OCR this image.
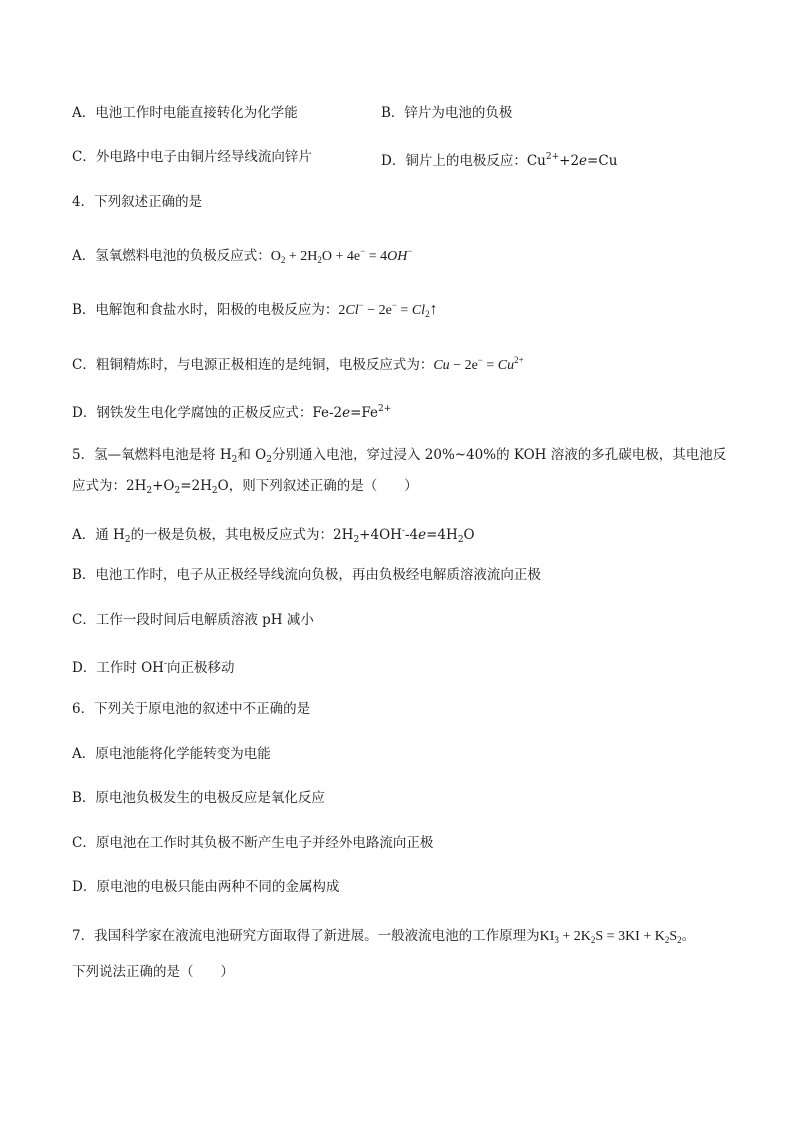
A．电池工作时电能直接转化为化学能	B．锌片为电池的负极
C．外电路中电子由铜片经导线流向锌片	D．铜片上的电极反应：$Cu^{2+}+2e=Cu$
4．下列叙述正确的是
A．氢氧燃料电池的负极反应式：$O_2 + 2H_2O + 4e^- = 4OH^-$
B．电解饱和食盐水时，阳极的电极反应为：$2Cl^- - 2e^- = Cl_2↑$
C．粗铜精炼时，与电源正极相连的是纯铜，电极反应式为：$Cu - 2e^- = Cu^{2+}$
D．钢铁发生电化学腐蚀的正极反应式：$Fe-2e=Fe^{2+}$
5．氢—氧燃料电池是将 $H_2$和 $O_2$分别通入电池，穿过浸入 20%~40%的 KOH 溶液的多孔碳电极，其电池反
应式为：$2H_2+O_2=2H_2O$，则下列叙述正确的是（　　）
A．通 $H_2$的一极是负极，其电极反应式为：$2H_2+4OH^--4e=4H_2O$
B．电池工作时，电子从正极经导线流向负极，再由负极经电解质溶液流向正极
C．工作一段时间后电解质溶液 pH 减小
D．工作时 OH-向正极移动
6．下列关于原电池的叙述中不正确的是
A．原电池能将化学能转变为电能
B．原电池负极发生的电极反应是氧化反应
C．原电池在工作时其负极不断产生电子并经外电路流向正极
D．原电池的电极只能由两种不同的金属构成
7．我国科学家在液流电池研究方面取得了新进展。一般液流电池的工作原理为$KI_3 + 2K_2S = 3KI + K_2S_2$。
下列说法正确的是（　　）
